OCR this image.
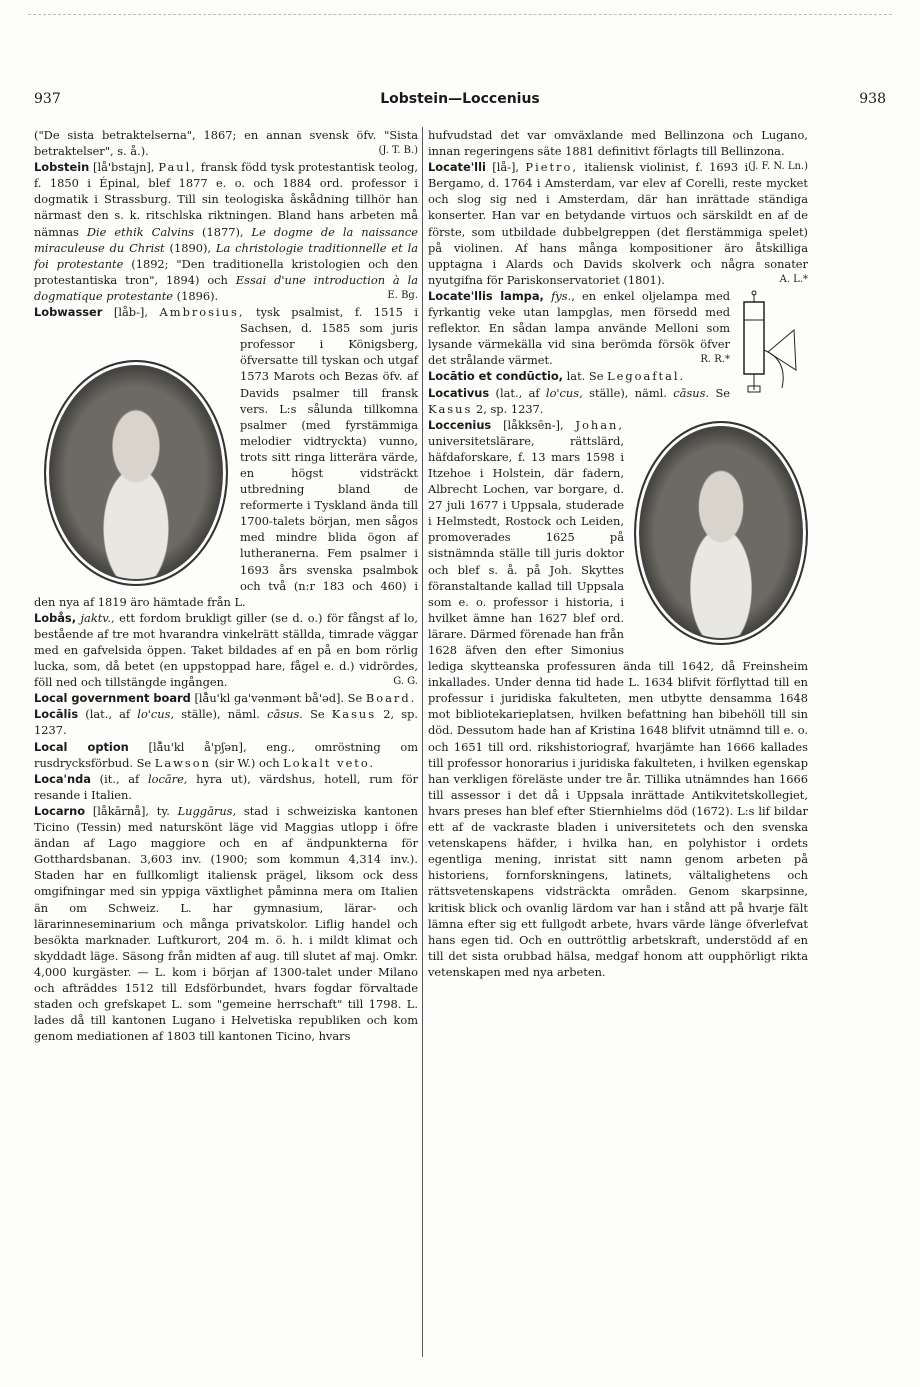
937	Lobstein—Loccenius	938

("De sista betraktelserna", 1867; en annan svensk öfv. "Sista betraktelser", s. å.).	(J. T. B.)

Lobstein [lå'bstajn], Paul, fransk född tysk protestantisk teolog, f. 1850 i Épinal, blef 1877 e. o. och 1884 ord. professor i dogmatik i Strassburg. Till sin teologiska åskådning tillhör han närmast den s. k. ritschlska riktningen. Bland hans arbeten må nämnas Die ethik Calvins (1877), Le dogme de la naissance miraculeuse du Christ (1890), La christologie traditionnelle et la foi protestante (1892; "Den traditionella kristologien och den protestantiska tron", 1894) och Essai d'une introduction à la dogmatique protestante (1896).	E. Bg.

Lobwasser [låb-], Ambrosius, tysk psalmist, f. 1515 i Sachsen, d. 1585 som juris professor i Königsberg, öfversatte till tyskan och utgaf 1573 Marots och Bezas öfv. af Davids psalmer till fransk vers. L:s sålunda tillkomna psalmer (med fyrstämmiga melodier vidtryckta) vunno, trots sitt ringa litterära värde, en högst vidsträckt utbredning bland de reformerte i Tyskland ända till 1700-talets början, men sågos med mindre blida ögon af lutheranerna. Fem psalmer i 1693 års svenska psalmbok och två (n:r 183 och 460) i den nya af 1819 äro hämtade från L.

Lobås, jaktv., ett fordom brukligt giller (se d. o.) för fångst af lo, bestående af tre mot hvarandra vinkelrätt ställda, timrade väggar med en gafvelsida öppen. Taket bildades af en på en bom rörlig lucka, som, då betet (en uppstoppad hare, fågel e. d.) vidrördes, föll ned och tillstängde ingången.	G. G.

Local government board [lå̄u'kl ga'vənmənt bå'əd]. Se Board.

Locālis (lat., af lo'cus, ställe), näml. cāsus. Se Kasus 2, sp. 1237.

Local option [lå̄u'kl å'pʃən], eng., omröstning om rusdrycksförbud. Se Lawson (sir W.) och Lokalt veto.

Loca'nda (it., af locāre, hyra ut), värdshus, hotell, rum för resande i Italien.

Locarno [låkārnå], ty. Luggārus, stad i schweiziska kantonen Ticino (Tessin) med naturskönt läge vid Maggias utlopp i öfre ändan af Lago maggiore och en af ändpunkterna för Gotthardsbanan. 3,603 inv. (1900; som kommun 4,314 inv.). Staden har en fullkomligt italiensk prägel, liksom ock dess omgifningar med sin yppiga växtlighet påminna mera om Italien än om Schweiz. L. har gymnasium, lärar- och lärarinneseminarium och många privatskolor. Liflig handel och besökta marknader. Luftkurort, 204 m. ö. h. i mildt klimat och skyddadt läge. Säsong från midten af aug. till slutet af maj. Omkr. 4,000 kurgäster. — L. kom i början af 1300-talet under Milano och afträddes 1512 till Edsförbundet, hvars fogdar förvaltade staden och grefskapet L. som "gemeine herrschaft" till 1798. L. lades då till kantonen Lugano i Helvetiska republiken och kom genom mediationen af 1803 till kantonen Ticino, hvars

hufvudstad det var omväxlande med Bellinzona och Lugano, innan regeringens säte 1881 definitivt förlagts till Bellinzona.
(J. F. N. Ln.)

Locate'lli [lå-], Pietro, italiensk violinist, f. 1693 i Bergamo, d. 1764 i Amsterdam, var elev af Corelli, reste mycket och slog sig ned i Amsterdam, där han inrättade ständiga konserter. Han var en betydande virtuos och särskildt en af de förste, som utbildade dubbelgreppen (det flerstämmiga spelet) på violinen. Af hans många kompositioner äro åtskilliga upptagna i Alards och Davids skolverk och några sonater nyutgifna för Pariskonservatoriet (1801).	A. L.*

Locate'llis lampa, fys., en enkel oljelampa med fyrkantig veke utan lampglas, men försedd med reflektor. En sådan lampa använde Melloni som lysande värmekälla vid sina berömda försök öfver det strålande värmet.	R. R.*

Locātio et condūctio, lat. Se Legoaftal.

Locativus (lat., af lo'cus, ställe), näml. cāsus. Se Kasus 2, sp. 1237.

Loccenius [låkksēn-], Johan,
universitetslärare, rättslärd, häfdaforskare, f. 13 mars 1598 i Itzehoe i Holstein, där fadern, Albrecht Lochen, var borgare, d. 27 juli 1677 i Uppsala, studerade i Helmstedt, Rostock och Leiden, promoverades 1625 på sistnämnda ställe till juris doktor och blef s. å. på Joh. Skyttes föranstaltande kallad till Uppsala som e. o. professor i historia, i hvilket ämne han 1627 blef ord. lärare. Därmed förenade han från 1628 äfven den efter Simonius lediga skytteanska professuren ända till 1642, då Freinsheim inkallades. Under denna tid hade L. 1634 blifvit förflyttad till en professur i juridiska fakulteten, men utbytte densamma 1648 mot bibliotekarieplatsen, hvilken befattning han bibehöll till sin död. Dessutom hade han af Kristina 1648 blifvit utnämnd till e. o. och 1651 till ord. rikshistoriograf, hvarjämte han 1666 kallades till professor honorarius i juridiska fakulteten, i hvilken egenskap han verkligen föreläste under tre år. Tillika utnämndes han 1666 till assessor i det då i Uppsala inrättade Antikvitetskollegiet, hvars preses han blef efter Stiernhielms död (1672). L:s lif bildar ett af de vackraste bladen i universitetets och den svenska vetenskapens häfder, i hvilka han, en polyhistor i ordets egentliga mening, inristat sitt namn genom arbeten på historiens, fornforskningens, latinets, vältalighetens och rättsvetenskapens vidsträckta områden. Genom skarpsinne, kritisk blick och ovanlig lärdom var han i stånd att på hvarje fält lämna efter sig ett fullgodt arbete, hvars värde länge öfverlefvat hans egen tid. Och en outtröttlig arbetskraft, understödd af en till det sista orubbad hälsa, medgaf honom att oupphörligt rikta vetenskapen med nya arbeten.
